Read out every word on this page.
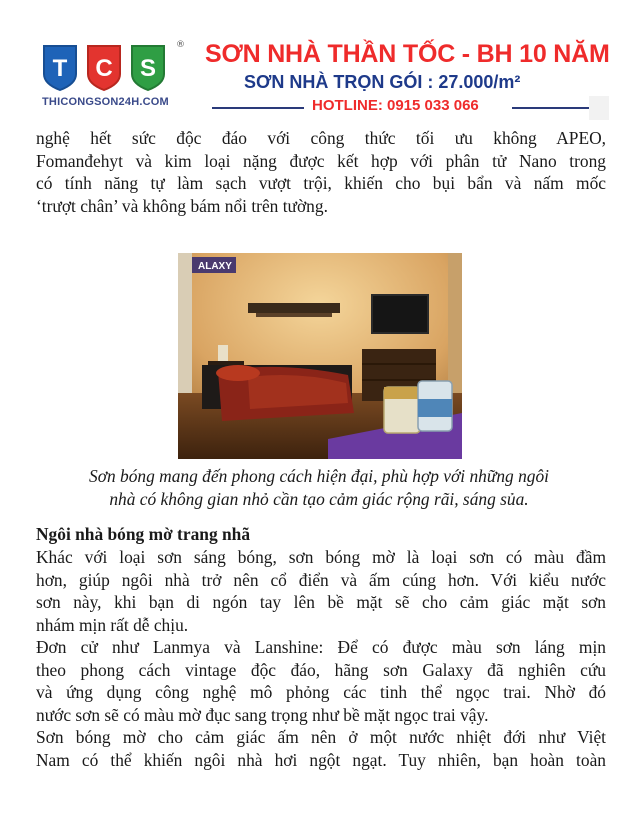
T C S
®
THICONGSON24H.COM
SƠN NHÀ THẦN TỐC - BH 10 NĂM
SƠN NHÀ TRỌN GÓI : 27.000/m²
HOTLINE: 0915 033 066
nghệ hết sức độc đáo với công thức tối ưu không APEO,
Fomanđehyt và kim loại nặng được kết hợp với phân tử Nano trong
có tính năng tự làm sạch vượt trội, khiến cho bụi bẩn và nấm mốc
‘trượt chân’ và không bám nổi trên tường.
ALAXY
Sơn bóng mang đến phong cách hiện đại, phù hợp với những ngôi
nhà có không gian nhỏ cần tạo cảm giác rộng rãi, sáng sủa.
Ngôi nhà bóng mờ trang nhã
Khác với loại sơn sáng bóng, sơn bóng mờ là loại sơn có màu đầm
hơn, giúp ngôi nhà trở nên cổ điển và ấm cúng hơn. Với kiểu nước
sơn này, khi bạn di ngón tay lên bề mặt sẽ cho cảm giác mặt sơn
nhám mịn rất dễ chịu.
Đơn cử như Lanmya và Lanshine: Để có được màu sơn láng mịn
theo phong cách vintage độc đáo, hãng sơn Galaxy đã nghiên cứu
và ứng dụng công nghệ mô phỏng các tinh thể ngọc trai. Nhờ đó
nước sơn sẽ có màu mờ đục sang trọng như bề mặt ngọc trai vậy.
Sơn bóng mờ cho cảm giác ấm nên ở một nước nhiệt đới như Việt
Nam có thể khiến ngôi nhà hơi ngột ngạt. Tuy nhiên, bạn hoàn toàn
